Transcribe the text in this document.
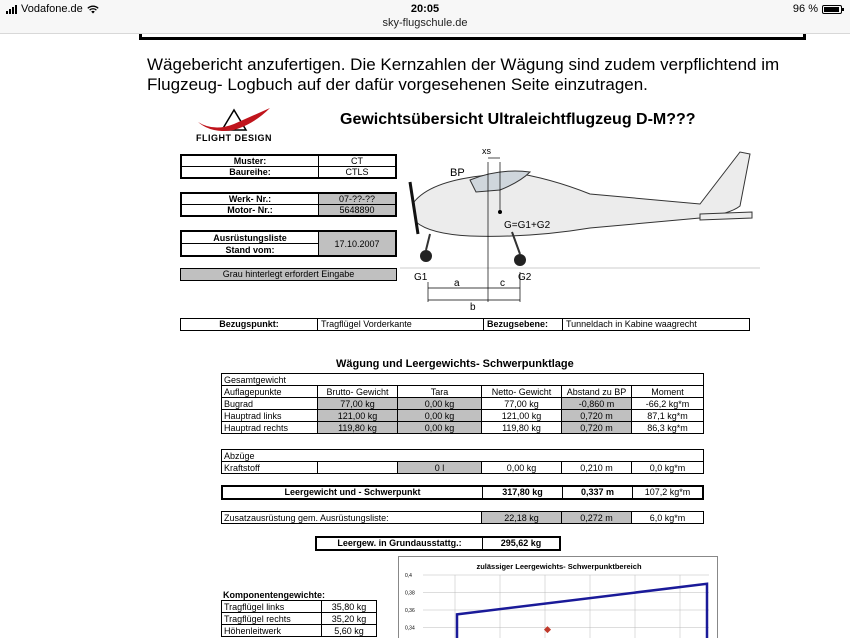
Vodafone.de	20:05
sky-flugschule.de
96 %

Wägebericht anzufertigen. Die Kernzahlen der Wägung sind zudem verpflichtend im Flugzeug- Logbuch auf der dafür vorgesehenen Seite einzutragen.

FLIGHT DESIGN
Gewichtsübersicht Ultraleichtflugzeug D-M???
Muster:	CT
Baureihe:	CTLS
Werk- Nr.:	07-??-??
Motor- Nr.:	5648890
Ausrüstungsliste	17.10.2007
Stand vom:
Grau hinterlegt erfordert Eingabe
BP
xs
G=G1+G2
G1	G2
a	c
b
Bezugspunkt:	Tragflügel Vorderkante	Bezugsebene:	Tunneldach in Kabine waagrecht
Wägung und Leergewichts- Schwerpunktlage
Gesamtgewicht					
Auflagepunkte	Brutto- Gewicht	Tara	Netto- Gewicht	Abstand zu BP	Moment
Bugrad	77,00 kg	0,00 kg	77,00 kg	-0,860 m	-66,2 kg*m
Hauptrad links	121,00 kg	0,00 kg	121,00 kg	0,720 m	87,1 kg*m
Hauptrad rechts	119,80 kg	0,00 kg	119,80 kg	0,720 m	86,3 kg*m
Abzüge
Kraftstoff		0 l	0,00 kg	0,210 m	0,0 kg*m
Leergewicht und - Schwerpunkt	317,80 kg	0,337 m	107,2 kg*m
Zusatzausrüstung gem. Ausrüstungsliste:	22,18 kg	0,272 m	6,0 kg*m
Leergew. in Grundausstattg.:	295,62 kg
zulässiger Leergewichts- Schwerpunktbereich
0,4
0,38
0,36
0,34
Komponentengewichte:
Tragflügel links	35,80 kg
Tragflügel rechts	35,20 kg
Höhenleitwerk	5,60 kg
